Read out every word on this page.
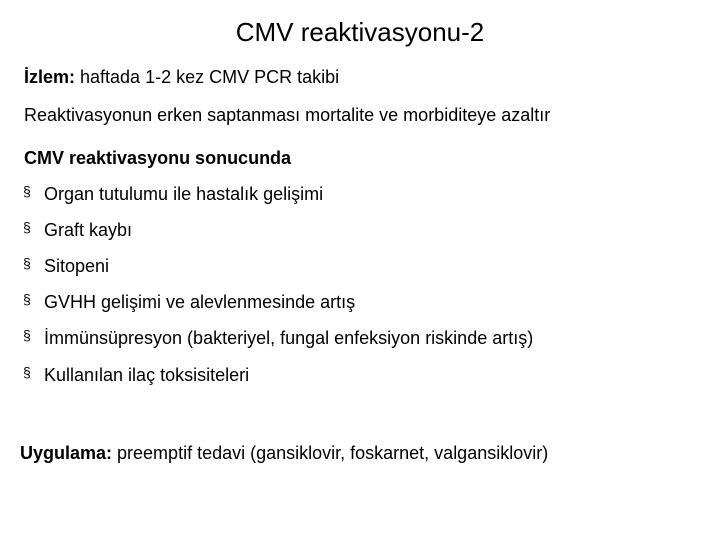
CMV reaktivasyonu-2
İzlem: haftada 1-2 kez CMV PCR takibi
Reaktivasyonun erken saptanması mortalite ve morbiditeye azaltır
CMV reaktivasyonu sonucunda
§
Organ tutulumu ile hastalık gelişimi
§
Graft kaybı
§
Sitopeni
§
GVHH gelişimi ve alevlenmesinde artış
§
İmmünsüpresyon (bakteriyel, fungal enfeksiyon riskinde artış)
§
Kullanılan ilaç toksisiteleri
Uygulama: preemptif tedavi (gansiklovir, foskarnet, valgansiklovir)
